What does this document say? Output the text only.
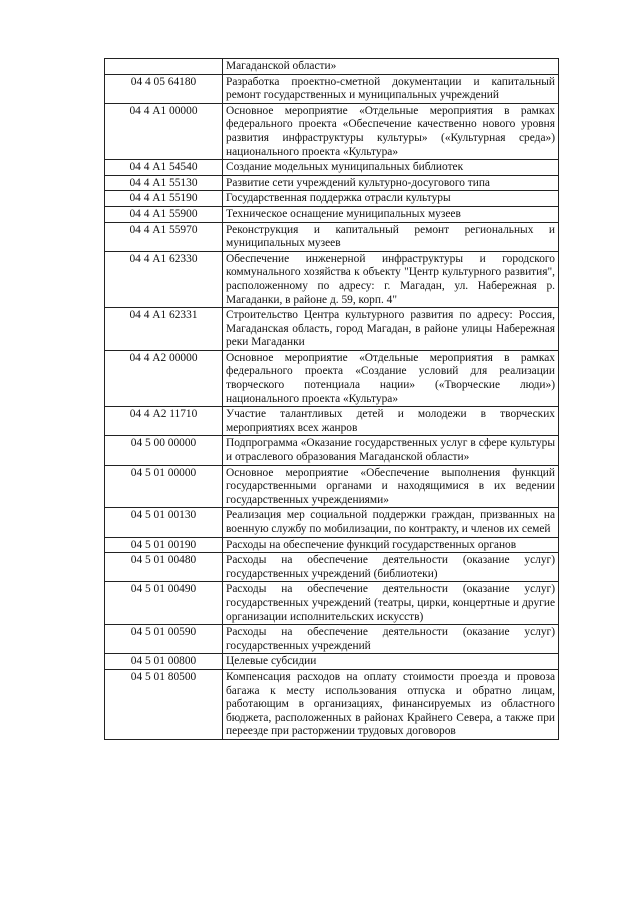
	Магаданской области»
04 4 05 64180	Разработка проектно-сметной документации и капитальный ремонт государственных и муниципальных учреждений
04 4 А1 00000	Основное мероприятие «Отдельные мероприятия в рамках федерального проекта «Обеспечение качественно нового уровня развития инфраструктуры культуры» («Культурная среда») национального проекта «Культура»
04 4 А1 54540	Создание модельных муниципальных библиотек
04 4 А1 55130	Развитие сети учреждений культурно-досугового типа
04 4 А1 55190	Государственная поддержка отрасли культуры
04 4 А1 55900	Техническое оснащение муниципальных музеев
04 4 А1 55970	Реконструкция и капитальный ремонт региональных и муниципальных музеев
04 4 А1 62330	Обеспечение инженерной инфраструктуры и городского коммунального хозяйства к объекту "Центр культурного развития", расположенному по адресу: г. Магадан, ул. Набережная р. Магаданки, в районе д. 59, корп. 4"
04 4 А1 62331	Строительство Центра культурного развития по адресу: Россия, Магаданская область, город Магадан, в районе улицы Набережная реки Магаданки
04 4 А2 00000	Основное мероприятие «Отдельные мероприятия в рамках федерального проекта «Создание условий для реализации творческого потенциала нации» («Творческие люди») национального проекта «Культура»
04 4 А2 11710	Участие талантливых детей и молодежи в творческих мероприятиях всех жанров
04 5 00 00000	Подпрограмма «Оказание государственных услуг в сфере культуры и отраслевого образования Магаданской области»
04 5 01 00000	Основное мероприятие «Обеспечение выполнения функций государственными органами и находящимися в их ведении государственных учреждениями»
04 5 01 00130	Реализация мер социальной поддержки граждан, призванных на военную службу по мобилизации, по контракту, и членов их семей
04 5 01 00190	Расходы на обеспечение функций государственных органов
04 5 01 00480	Расходы на обеспечение деятельности (оказание услуг) государственных учреждений (библиотеки)
04 5 01 00490	Расходы на обеспечение деятельности (оказание услуг) государственных учреждений (театры, цирки, концертные и другие организации исполнительских искусств)
04 5 01 00590	Расходы на обеспечение деятельности (оказание услуг) государственных учреждений
04 5 01 00800	Целевые субсидии
04 5 01 80500	Компенсация расходов на оплату стоимости проезда и провоза багажа к месту использования отпуска и обратно лицам, работающим в организациях, финансируемых из областного бюджета, расположенных в районах Крайнего Севера, а также при переезде при расторжении трудовых договоров
